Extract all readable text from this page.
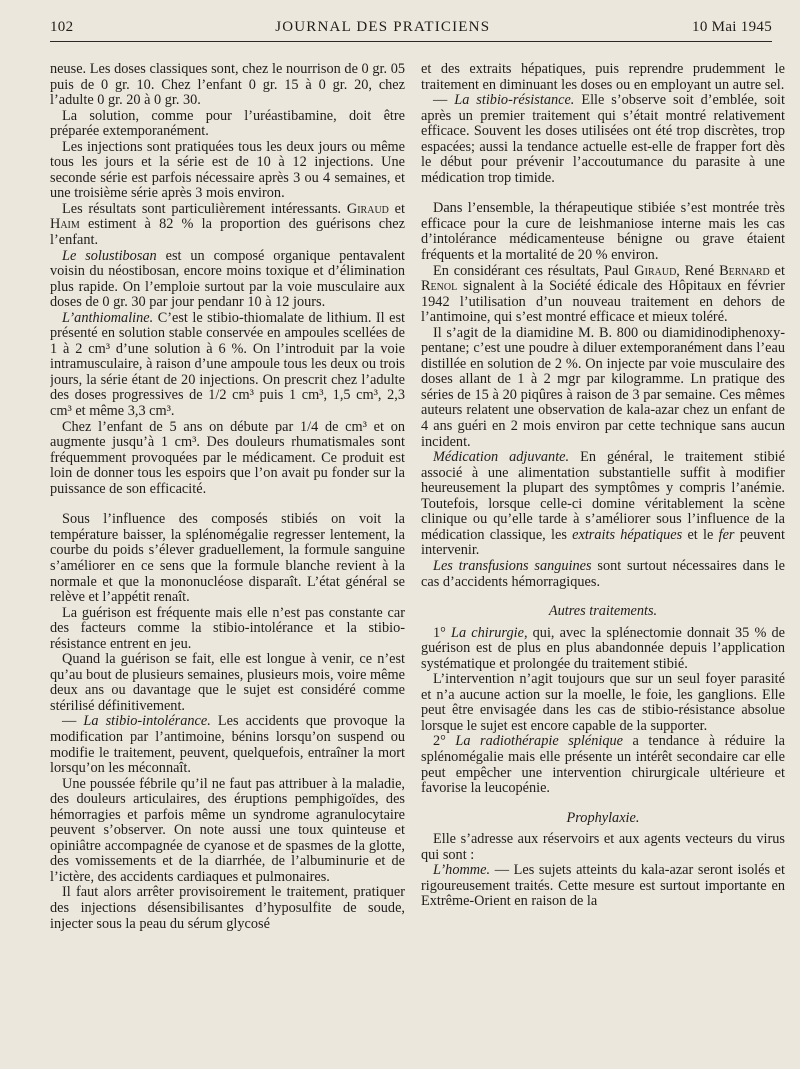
102	JOURNAL DES PRATICIENS	10 Mai 1945

neuse. Les doses classiques sont, chez le nourrison de 0 gr. 05 puis de 0 gr. 10. Chez l’enfant 0 gr. 15 à 0 gr. 20, chez l’adulte 0 gr. 20 à 0 gr. 30.

La solution, comme pour l’uréastibamine, doit être préparée extemporanément.

Les injections sont pratiquées tous les deux jours ou même tous les jours et la série est de 10 à 12 injections. Une seconde série est parfois nécessaire après 3 ou 4 semaines, et une troisième série après 3 mois environ.

Les résultats sont particulièrement intéressants. Giraud et Haim estiment à 82 % la proportion des guérisons chez l’enfant.

Le solustibosan est un composé organique pentavalent voisin du néostibosan, encore moins toxique et d’élimination plus rapide. On l’emploie surtout par la voie musculaire aux doses de 0 gr. 30 par jour pendanr 10 à 12 jours.

L’anthiomaline. C’est le stibio-thiomalate de lithium. Il est présenté en solution stable conservée en ampoules scellées de 1 à 2 cm³ d’une solution à 6 %. On l’introduit par la voie intramusculaire, à raison d’une ampoule tous les deux ou trois jours, la série étant de 20 injections. On prescrit chez l’adulte des doses progressives de 1/2 cm³ puis 1 cm³, 1,5 cm³, 2,3 cm³ et même 3,3 cm³.

Chez l’enfant de 5 ans on débute par 1/4 de cm³ et on augmente jusqu’à 1 cm³. Des douleurs rhumatismales sont fréquemment provoquées par le médicament. Ce produit est loin de donner tous les espoirs que l’on avait pu fonder sur la puissance de son efficacité.

Sous l’influence des composés stibiés on voit la température baisser, la splénomégalie regresser lentement, la courbe du poids s’élever graduellement, la formule sanguine s’améliorer en ce sens que la formule blanche revient à la normale et que la mononucléose disparaît. L’état général se relève et l’appétit renaît.

La guérison est fréquente mais elle n’est pas constante car des facteurs comme la stibio-intolérance et la stibio-résistance entrent en jeu.

Quand la guérison se fait, elle est longue à venir, ce n’est qu’au bout de plusieurs semaines, plusieurs mois, voire même deux ans ou davantage que le sujet est considéré comme stérilisé définitivement.

— La stibio-intolérance. Les accidents que provoque la modification par l’antimoine, bénins lorsqu’on suspend ou modifie le traitement, peuvent, quelquefois, entraîner la mort lorsqu’on les méconnaît.

Une poussée fébrile qu’il ne faut pas attribuer à la maladie, des douleurs articulaires, des éruptions pemphigoïdes, des hémorragies et parfois même un syndrome agranulocytaire peuvent s’observer. On note aussi une toux quinteuse et opiniâtre accompagnée de cyanose et de spasmes de la glotte, des vomissements et de la diarrhée, de l’albuminurie et de l’ictère, des accidents cardiaques et pulmonaires.

Il faut alors arrêter provisoirement le traitement, pratiquer des injections désensibilisantes d’hyposulfite de soude, injecter sous la peau du sérum glycosé

et des extraits hépatiques, puis reprendre prudemment le traitement en diminuant les doses ou en employant un autre sel.

— La stibio-résistance. Elle s’observe soit d’emblée, soit après un premier traitement qui s’était montré relativement efficace. Souvent les doses utilisées ont été trop discrètes, trop espacées; aussi la tendance actuelle est-elle de frapper fort dès le début pour prévenir l’accoutumance du parasite à une médication trop timide.

Dans l’ensemble, la thérapeutique stibiée s’est montrée très efficace pour la cure de leishmaniose interne mais les cas d’intolérance médicamenteuse bénigne ou grave étaient fréquents et la mortalité de 20 % environ.

En considérant ces résultats, Paul Giraud, René Bernard et Renol signalent à la Société édicale des Hôpitaux en février 1942 l’utilisation d’un nouveau traitement en dehors de l’antimoine, qui s’est montré efficace et mieux toléré.

Il s’agit de la diamidine M. B. 800 ou diamidinodiphenoxy-pentane; c’est une poudre à diluer extemporanément dans l’eau distillée en solution de 2 %. On injecte par voie musculaire des doses allant de 1 à 2 mgr par kilogramme. Ln pratique des séries de 15 à 20 piqûres à raison de 3 par semaine. Ces mêmes auteurs relatent une observation de kala-azar chez un enfant de 4 ans guéri en 2 mois environ par cette technique sans aucun incident.

Médication adjuvante. En général, le traitement stibié associé à une alimentation substantielle suffit à modifier heureusement la plupart des symptômes y compris l’anémie. Toutefois, lorsque celle-ci domine véritablement la scène clinique ou qu’elle tarde à s’améliorer sous l’influence de la médication classique, les extraits hépatiques et le fer peuvent intervenir.

Les transfusions sanguines sont surtout nécessaires dans le cas d’accidents hémorragiques.

Autres traitements.

1° La chirurgie, qui, avec la splénectomie donnait 35 % de guérison est de plus en plus abandonnée depuis l’application systématique et prolongée du traitement stibié.

L’intervention n’agit toujours que sur un seul foyer parasité et n’a aucune action sur la moelle, le foie, les ganglions. Elle peut être envisagée dans les cas de stibio-résistance absolue lorsque le sujet est encore capable de la supporter.

2° La radiothérapie splénique a tendance à réduire la splénomégalie mais elle présente un intérêt secondaire car elle peut empêcher une intervention chirurgicale ultérieure et favorise la leucopénie.

Prophylaxie.

Elle s’adresse aux réservoirs et aux agents vecteurs du virus qui sont :

L’homme. — Les sujets atteints du kala-azar seront isolés et rigoureusement traités. Cette mesure est surtout importante en Extrême-Orient en raison de la
